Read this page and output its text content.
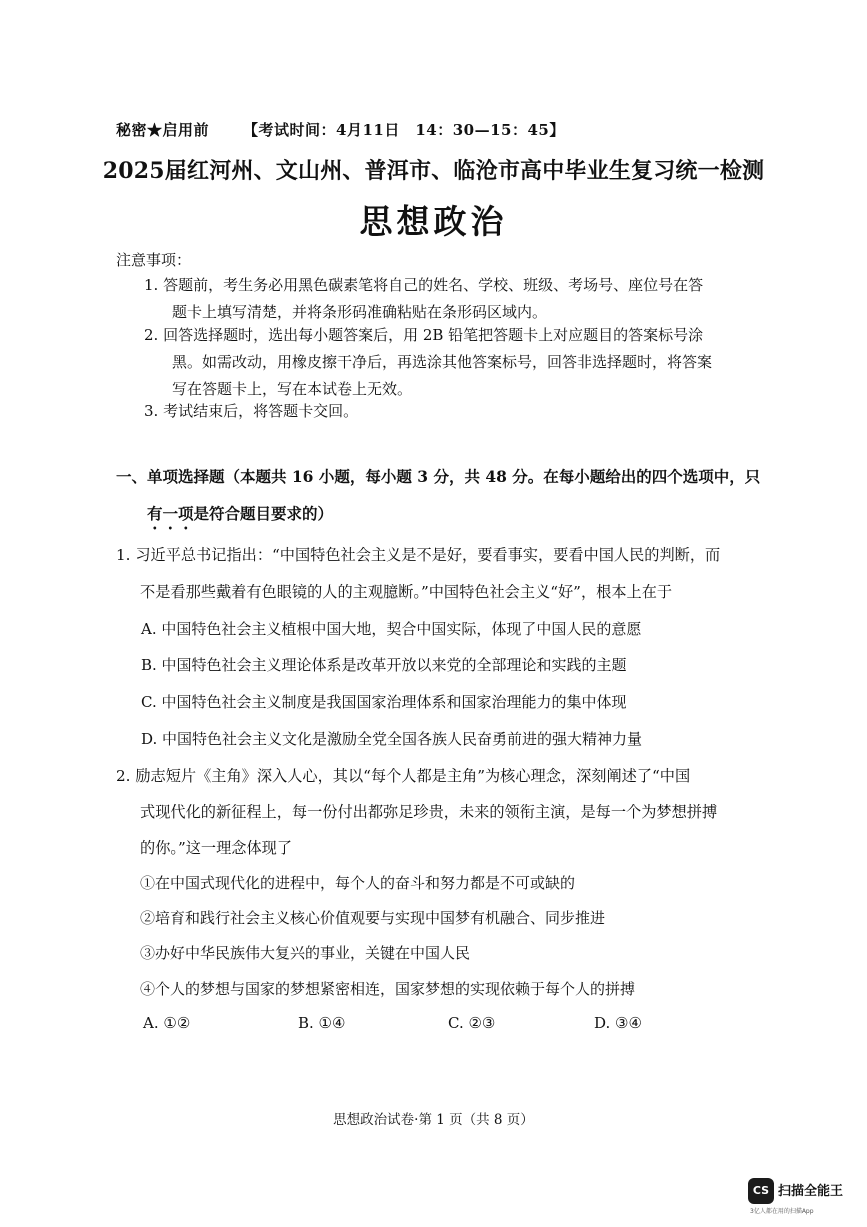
秘密★启用前 【考试时间：4月11日　14：30—15：45】
2025届红河州、文山州、普洱市、临沧市高中毕业生复习统一检测
思想政治
注意事项：
1. 答题前，考生务必用黑色碳素笔将自己的姓名、学校、班级、考场号、座位号在答
题卡上填写清楚，并将条形码准确粘贴在条形码区域内。
2. 回答选择题时，选出每小题答案后，用 2B 铅笔把答题卡上对应题目的答案标号涂
黑。如需改动，用橡皮擦干净后，再选涂其他答案标号，回答非选择题时，将答案
写在答题卡上，写在本试卷上无效。
3. 考试结束后，将答题卡交回。
一、单项选择题（本题共 16 小题，每小题 3 分，共 48 分。在每小题给出的四个选项中，只
有一项是符合题目要求的）
1. 习近平总书记指出：“中国特色社会主义是不是好，要看事实，要看中国人民的判断，而
不是看那些戴着有色眼镜的人的主观臆断。”中国特色社会主义“好”，根本上在于
A. 中国特色社会主义植根中国大地，契合中国实际，体现了中国人民的意愿
B. 中国特色社会主义理论体系是改革开放以来党的全部理论和实践的主题
C. 中国特色社会主义制度是我国国家治理体系和国家治理能力的集中体现
D. 中国特色社会主义文化是激励全党全国各族人民奋勇前进的强大精神力量
2. 励志短片《主角》深入人心，其以“每个人都是主角”为核心理念，深刻阐述了“中国
式现代化的新征程上，每一份付出都弥足珍贵，未来的领衔主演，是每一个为梦想拼搏
的你。”这一理念体现了
①在中国式现代化的进程中，每个人的奋斗和努力都是不可或缺的
②培育和践行社会主义核心价值观要与实现中国梦有机融合、同步推进
③办好中华民族伟大复兴的事业，关键在中国人民
④个人的梦想与国家的梦想紧密相连，国家梦想的实现依赖于每个人的拼搏
A. ①②	B. ①④	C. ②③	D. ③④
思想政治试卷·第 1 页（共 8 页）
CS 扫描全能王
3亿人都在用的扫描App
